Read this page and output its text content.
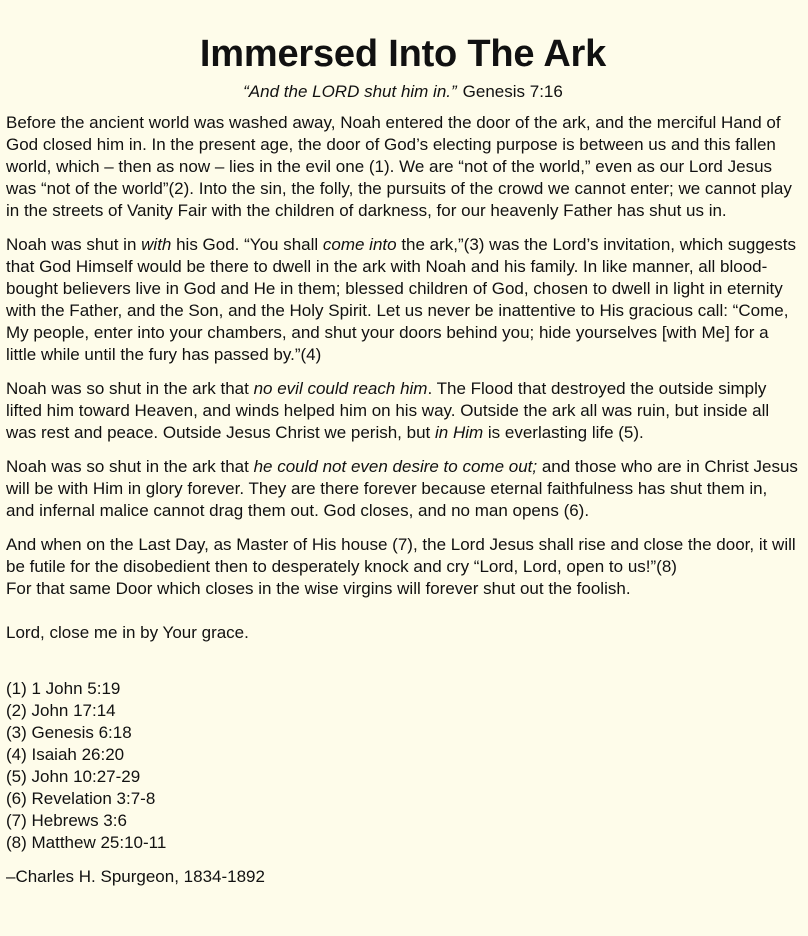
Immersed Into The Ark
“And the LORD shut him in.” Genesis 7:16

Before the ancient world was washed away, Noah entered the door of the ark, and the merciful Hand of God closed him in. In the present age, the door of God’s electing purpose is between us and this fallen world, which – then as now – lies in the evil one (1). We are “not of the world,” even as our Lord Jesus was “not of the world”(2). Into the sin, the folly, the pursuits of the crowd we cannot enter; we cannot play in the streets of Vanity Fair with the children of darkness, for our heavenly Father has shut us in.

Noah was shut in with his God. “You shall come into the ark,”(3) was the Lord’s invitation, which suggests that God Himself would be there to dwell in the ark with Noah and his family. In like manner, all blood-bought believers live in God and He in them; blessed children of God, chosen to dwell in light in eternity with the Father, and the Son, and the Holy Spirit. Let us never be inattentive to His gracious call: “Come, My people, enter into your chambers, and shut your doors behind you; hide yourselves [with Me] for a little while until the fury has passed by.”(4)

Noah was so shut in the ark that no evil could reach him. The Flood that destroyed the outside simply lifted him toward Heaven, and winds helped him on his way. Outside the ark all was ruin, but inside all was rest and peace. Outside Jesus Christ we perish, but in Him is everlasting life (5).

Noah was so shut in the ark that he could not even desire to come out; and those who are in Christ Jesus will be with Him in glory forever. They are there forever because eternal faithfulness has shut them in, and infernal malice cannot drag them out. God closes, and no man opens (6).

And when on the Last Day, as Master of His house (7), the Lord Jesus shall rise and close the door, it will be futile for the disobedient then to desperately knock and cry “Lord, Lord, open to us!”(8)

For that same Door which closes in the wise virgins will forever shut out the foolish.

Lord, close me in by Your grace.

(1) 1 John 5:19
(2) John 17:14
(3) Genesis 6:18
(4) Isaiah 26:20
(5) John 10:27-29
(6) Revelation 3:7-8
(7) Hebrews 3:6
(8) Matthew 25:10-11
–Charles H. Spurgeon, 1834-1892
